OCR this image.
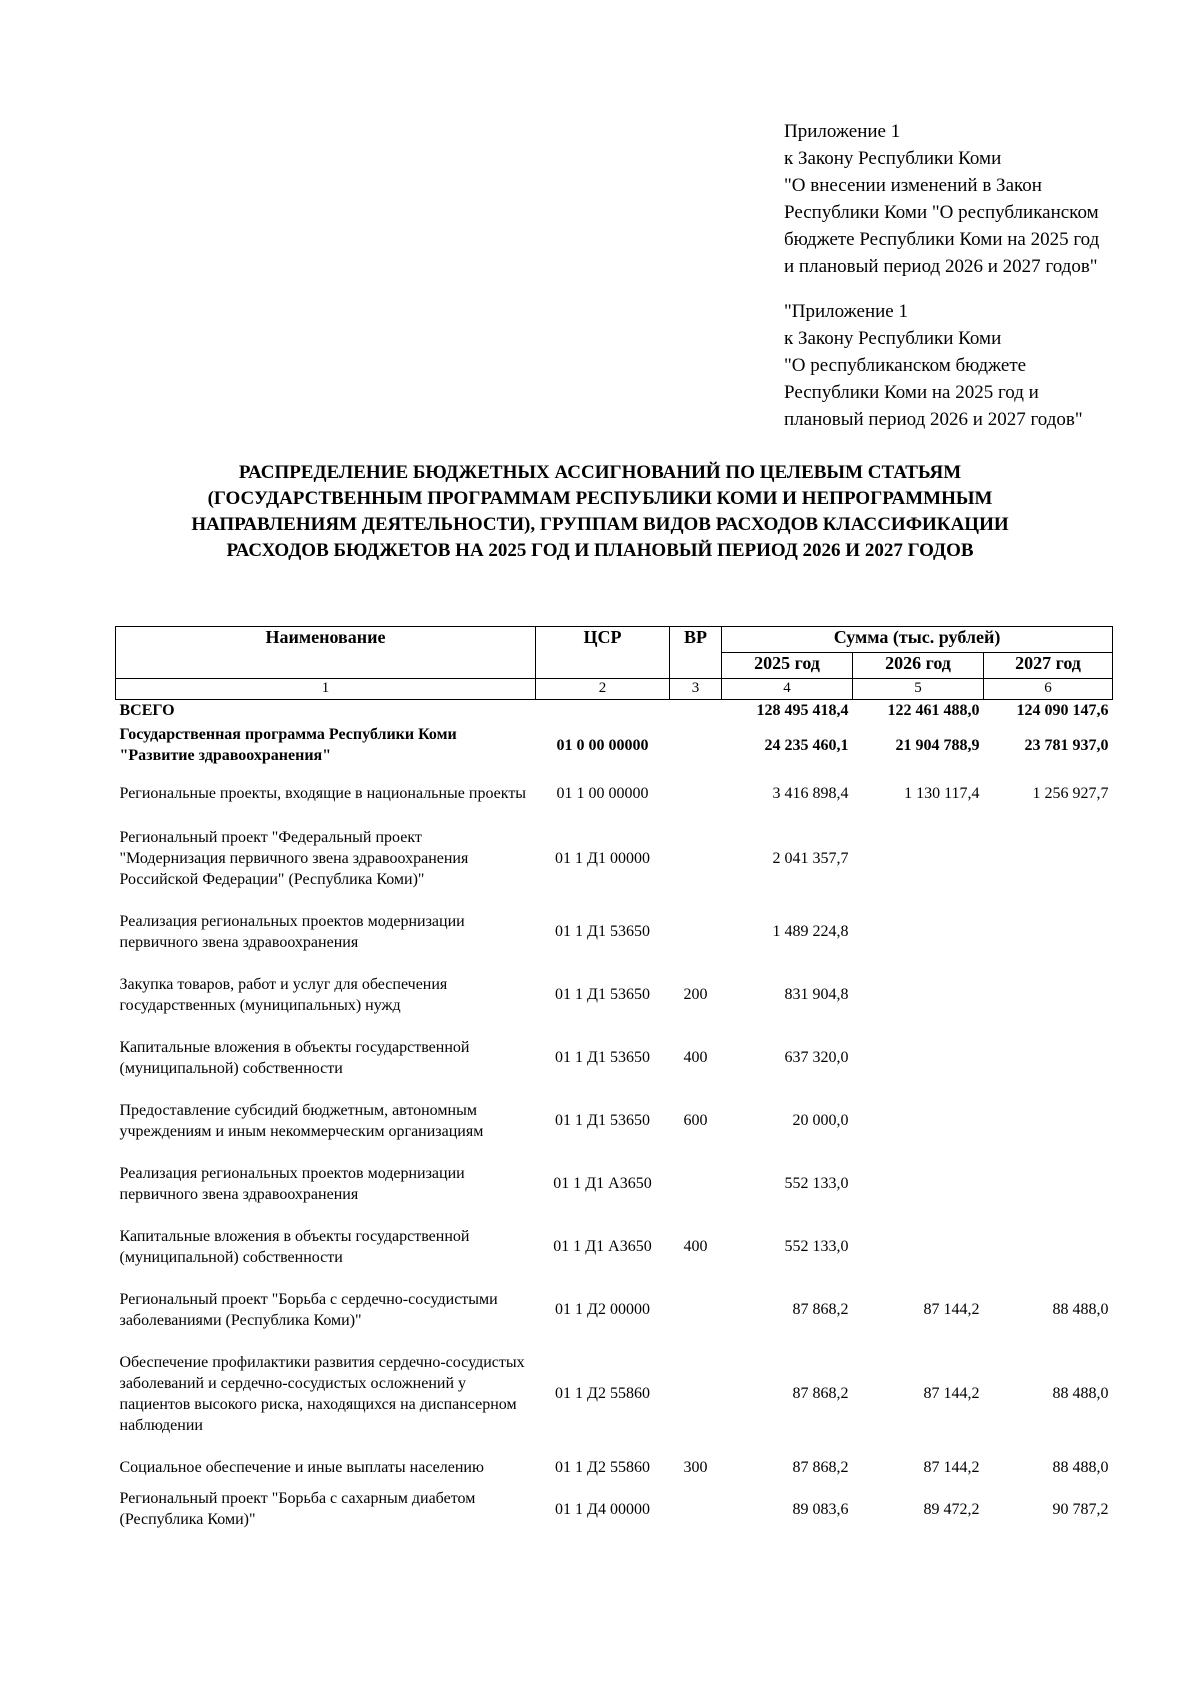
Приложение 1
к Закону Республики Коми
"О внесении изменений в Закон
Республики Коми "О республиканском
бюджете Республики Коми на 2025 год
и плановый период 2026 и 2027 годов"
"Приложение 1
к Закону Республики Коми
"О республиканском бюджете
Республики Коми на 2025 год и
плановый период 2026 и 2027 годов"
РАСПРЕДЕЛЕНИЕ БЮДЖЕТНЫХ АССИГНОВАНИЙ ПО ЦЕЛЕВЫМ СТАТЬЯМ
(ГОСУДАРСТВЕННЫМ ПРОГРАММАМ РЕСПУБЛИКИ КОМИ И НЕПРОГРАММНЫМ
НАПРАВЛЕНИЯМ ДЕЯТЕЛЬНОСТИ), ГРУППАМ ВИДОВ РАСХОДОВ КЛАССИФИКАЦИИ
РАСХОДОВ БЮДЖЕТОВ НА 2025 ГОД И ПЛАНОВЫЙ ПЕРИОД 2026 И 2027 ГОДОВ
Наименование	ЦСР	ВР	Сумма (тыс. рублей)		
			2025 год	2026 год	2027 год
1	2	3	4	5	6
ВСЕГО			128 495 418,4	122 461 488,0	124 090 147,6
Государственная программа Республики Коми "Развитие здравоохранения"	01 0 00 00000		24 235 460,1	21 904 788,9	23 781 937,0
Региональные проекты, входящие в национальные проекты	01 1 00 00000		3 416 898,4	1 130 117,4	1 256 927,7
Региональный проект "Федеральный проект "Модернизация первичного звена здравоохранения Российской Федерации" (Республика Коми)"	01 1 Д1 00000		2 041 357,7		
Реализация региональных проектов модернизации первичного звена здравоохранения	01 1 Д1 53650		1 489 224,8		
Закупка товаров, работ и услуг для обеспечения государственных (муниципальных) нужд	01 1 Д1 53650	200	831 904,8		
Капитальные вложения в объекты государственной (муниципальной) собственности	01 1 Д1 53650	400	637 320,0		
Предоставление субсидий бюджетным, автономным учреждениям и иным некоммерческим организациям	01 1 Д1 53650	600	20 000,0		
Реализация региональных проектов модернизации первичного звена здравоохранения	01 1 Д1 А3650		552 133,0		
Капитальные вложения в объекты государственной (муниципальной) собственности	01 1 Д1 А3650	400	552 133,0		
Региональный проект "Борьба с сердечно-сосудистыми заболеваниями (Республика Коми)"	01 1 Д2 00000		87 868,2	87 144,2	88 488,0
Обеспечение профилактики развития сердечно-сосудистых заболеваний и сердечно-сосудистых осложнений у пациентов высокого риска, находящихся на диспансерном наблюдении	01 1 Д2 55860		87 868,2	87 144,2	88 488,0
Социальное обеспечение и иные выплаты населению	01 1 Д2 55860	300	87 868,2	87 144,2	88 488,0
Региональный проект "Борьба с сахарным диабетом (Республика Коми)"	01 1 Д4 00000		89 083,6	89 472,2	90 787,2
